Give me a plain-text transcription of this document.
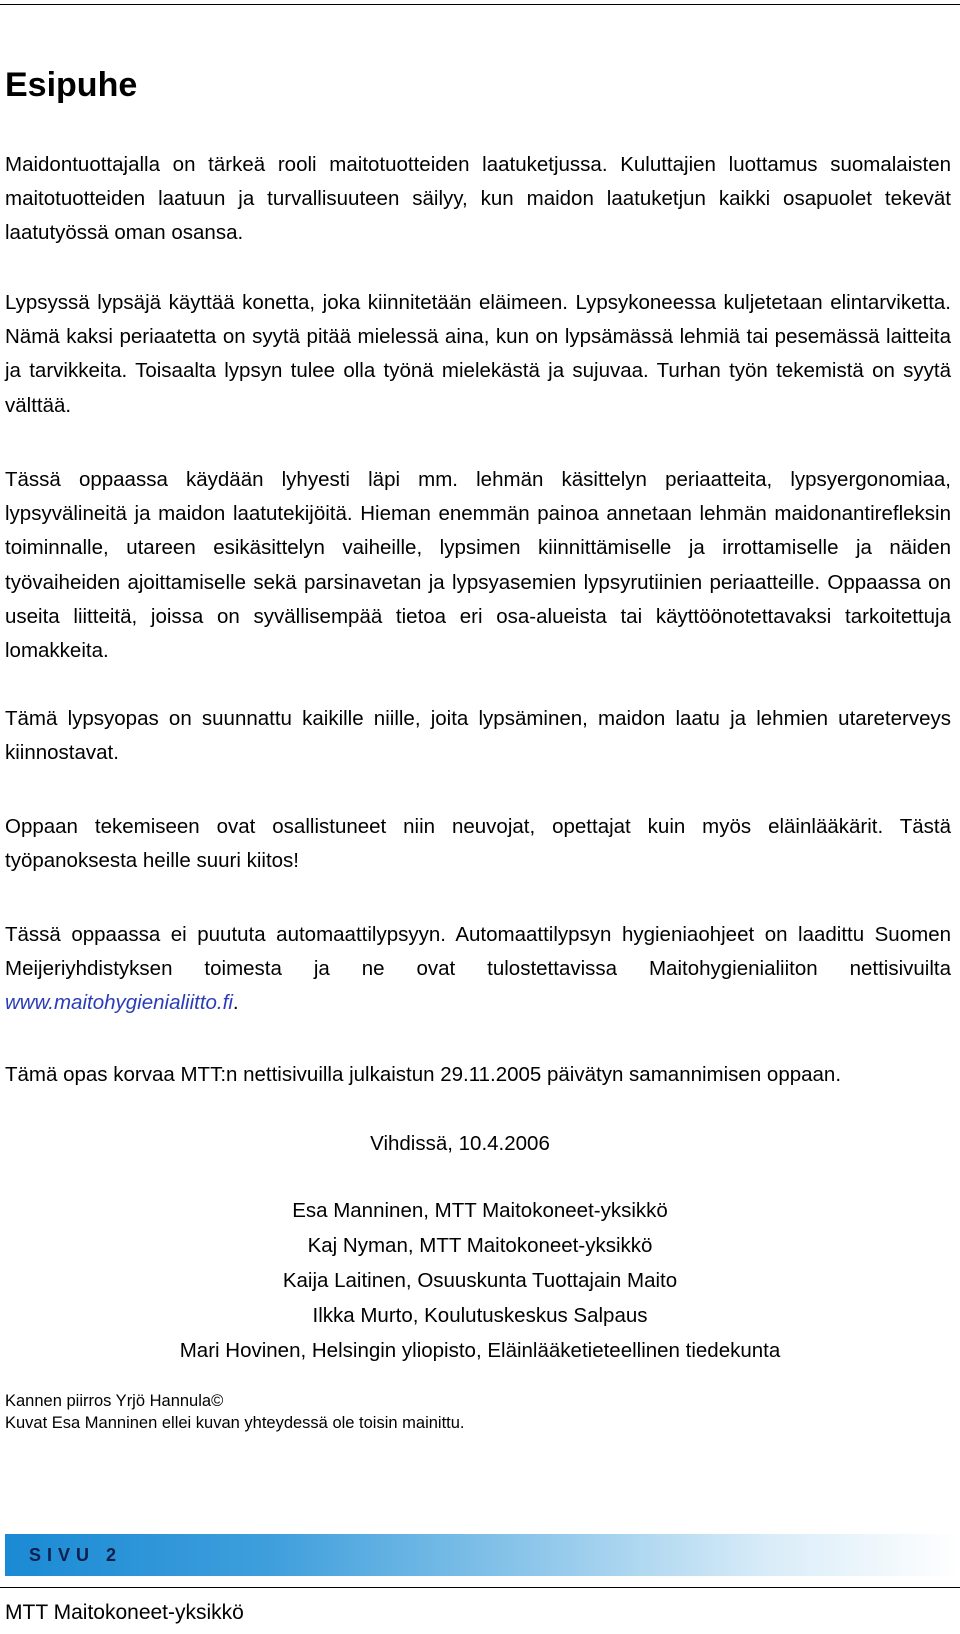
Esipuhe

Maidontuottajalla on tärkeä rooli maitotuotteiden laatuketjussa. Kuluttajien luottamus suomalaisten maitotuotteiden laatuun ja turvallisuuteen säilyy, kun maidon laatuketjun kaikki osapuolet tekevät laatutyössä oman osansa.

Lypsyssä lypsäjä käyttää konetta, joka kiinnitetään eläimeen. Lypsykoneessa kuljetetaan elintarviketta. Nämä kaksi periaatetta on syytä pitää mielessä aina, kun on lypsämässä lehmiä tai pesemässä laitteita ja tarvikkeita. Toisaalta lypsyn tulee olla työnä mielekästä ja sujuvaa. Turhan työn tekemistä on syytä välttää.

Tässä oppaassa käydään lyhyesti läpi mm. lehmän käsittelyn periaatteita, lypsyergonomiaa, lypsyvälineitä ja maidon laatutekijöitä. Hieman enemmän painoa annetaan lehmän maidonantirefleksin toiminnalle, utareen esikäsittelyn vaiheille, lypsimen kiinnittämiselle ja irrottamiselle ja näiden työvaiheiden ajoittamiselle sekä parsinavetan ja lypsyasemien lypsyrutiinien periaatteille. Oppaassa on useita liitteitä, joissa on syvällisempää tietoa eri osa-alueista tai käyttöönotettavaksi tarkoitettuja lomakkeita.

Tämä lypsyopas on suunnattu kaikille niille, joita lypsäminen, maidon laatu ja lehmien utareterveys kiinnostavat.

Oppaan tekemiseen ovat osallistuneet niin neuvojat, opettajat kuin myös eläinlääkärit. Tästä työpanoksesta heille suuri kiitos!

Tässä oppaassa ei puututa automaattilypsyyn. Automaattilypsyn hygieniaohjeet on laadittu Suomen Meijeriyhdistyksen toimesta ja ne ovat tulostettavissa Maitohygienialiiton nettisivuilta www.maitohygienialiitto.fi.

Tämä opas korvaa MTT:n nettisivuilla julkaistun 29.11.2005 päivätyn samannimisen oppaan.

Vihdissä, 10.4.2006
Esa Manninen, MTT Maitokoneet-yksikkö
Kaj Nyman, MTT Maitokoneet-yksikkö
Kaija Laitinen, Osuuskunta Tuottajain Maito
Ilkka Murto, Koulutuskeskus Salpaus
Mari Hovinen, Helsingin yliopisto, Eläinlääketieteellinen tiedekunta
Kannen piirros Yrjö Hannula©
Kuvat Esa Manninen ellei kuvan yhteydessä ole toisin mainittu.
SIVU 2
MTT Maitokoneet-yksikkö
